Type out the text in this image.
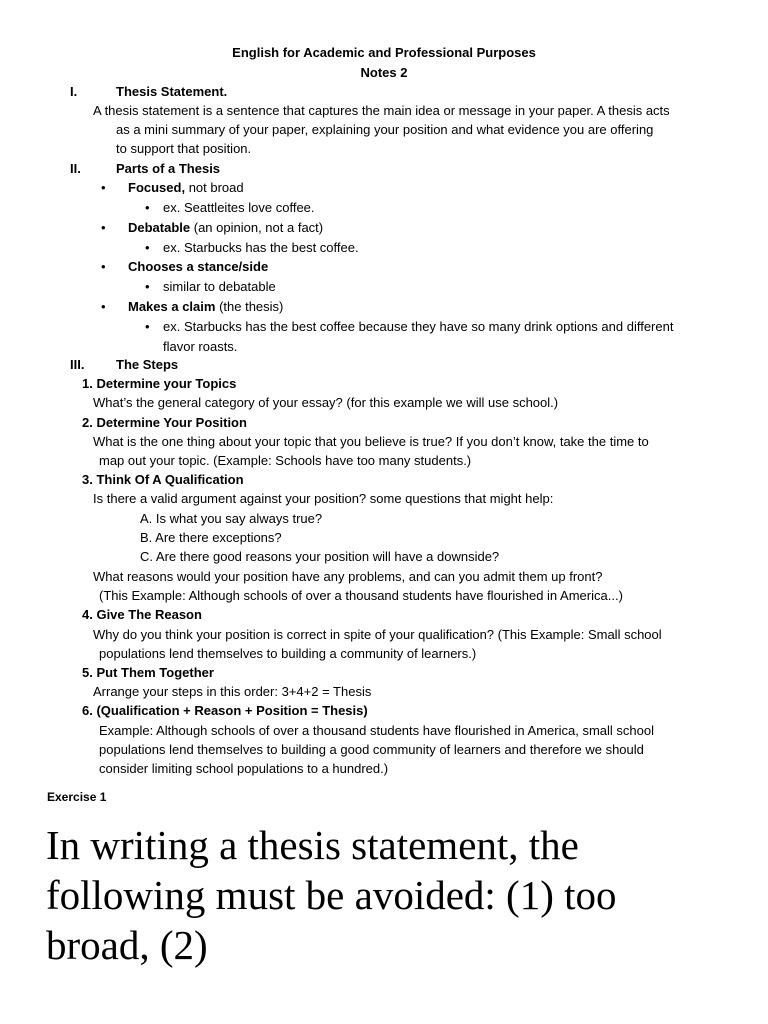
English for Academic and Professional Purposes
Notes 2
I.	Thesis Statement.
A thesis statement is a sentence that captures the main idea or message in your paper. A thesis acts
as a mini summary of your paper, explaining your position and what evidence you are offering
to support that position.
II.	Parts of a Thesis
• Focused, not broad
• ex. Seattleites love coffee.
• Debatable (an opinion, not a fact)
• ex. Starbucks has the best coffee.
• Chooses a stance/side
• similar to debatable
• Makes a claim (the thesis)
• ex. Starbucks has the best coffee because they have so many drink options and different
flavor roasts.
III. The Steps
1. Determine your Topics
What’s the general category of your essay? (for this example we will use school.)
2. Determine Your Position
What is the one thing about your topic that you believe is true? If you don’t know, take the time to
map out your topic. (Example: Schools have too many students.)
3. Think Of A Qualification
Is there a valid argument against your position? some questions that might help:
A. Is what you say always true?
B. Are there exceptions?
C. Are there good reasons your position will have a downside?
What reasons would your position have any problems, and can you admit them up front?
(This Example: Although schools of over a thousand students have flourished in America...)
4. Give The Reason
Why do you think your position is correct in spite of your qualification? (This Example: Small school
populations lend themselves to building a community of learners.)
5. Put Them Together
Arrange your steps in this order: 3+4+2 = Thesis
6. (Qualification + Reason + Position = Thesis)
Example: Although schools of over a thousand students have flourished in America, small school
populations lend themselves to building a good community of learners and therefore we should
consider limiting school populations to a hundred.)
Exercise 1
In writing a thesis statement, the
following must be avoided: (1) too
broad, (2)
